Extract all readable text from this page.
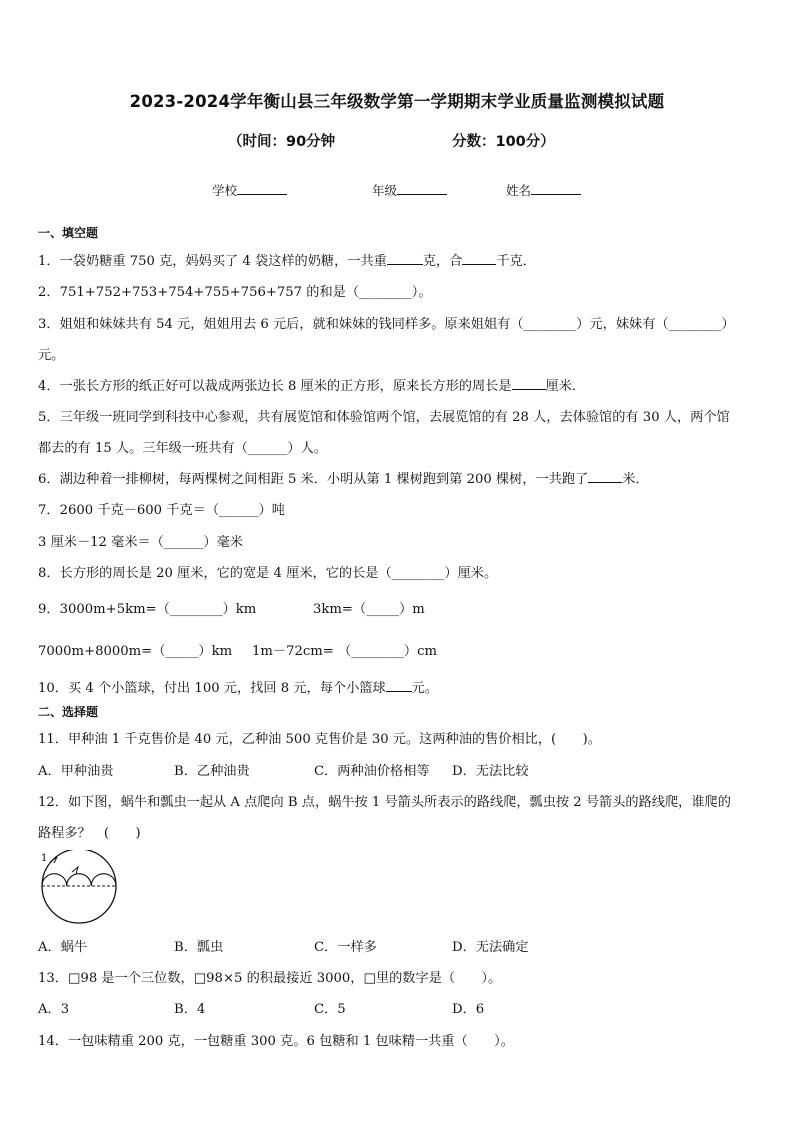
2023-2024学年衡山县三年级数学第一学期期末学业质量监测模拟试题
（时间：90分钟	分数：100分）
学校	年级	姓名
一、填空题
1．一袋奶糖重 750 克，妈妈买了 4 袋这样的奶糖，一共重	克，合	千克．
2．751+752+753+754+755+756+757 的和是（________）。
3．姐姐和妹妹共有 54 元，姐姐用去 6 元后，就和妹妹的钱同样多。原来姐姐有（________）元，妹妹有（________）
元。
4．一张长方形的纸正好可以裁成两张边长 8 厘米的正方形，原来长方形的周长是	厘米．
5．三年级一班同学到科技中心参观，共有展览馆和体验馆两个馆，去展览馆的有 28 人，去体验馆的有 30 人，两个馆
都去的有 15 人。三年级一班共有（______）人。
6．湖边种着一排柳树，每两棵树之间相距 5 米．小明从第 1 棵树跑到第 200 棵树，一共跑了	米．
7．2600 千克－600 千克＝（______）吨
3 厘米－12 毫米＝（______）毫米
8．长方形的周长是 20 厘米，它的宽是 4 厘米，它的长是（________）厘米。
9．3000m+5km=（________）km	3km=（_____）m
7000m+8000m=（_____）km 1m－72cm= （________）cm
10．买 4 个小篮球，付出 100 元，找回 8 元，每个小篮球 元。
二、选择题
11．甲种油 1 千克售价是 40 元，乙种油 500 克售价是 30 元。这两种油的售价相比，(　　)。
A．甲种油贵	B．乙种油贵	C．两种油价格相等 D．无法比较
12．如下图，蜗牛和瓢虫一起从 A 点爬向 B 点，蜗牛按 1 号箭头所表示的路线爬，瓢虫按 2 号箭头的路线爬，谁爬的
路程多？　(　　)
1
A．蜗牛	B．瓢虫	C．一样多	D．无法确定
13．□98 是一个三位数，□98×5 的积最接近 3000，□里的数字是（　　）。
A．3	B．4	C．5	D．6
14．一包味精重 200 克，一包糖重 300 克。6 包糖和 1 包味精一共重（　　）。
